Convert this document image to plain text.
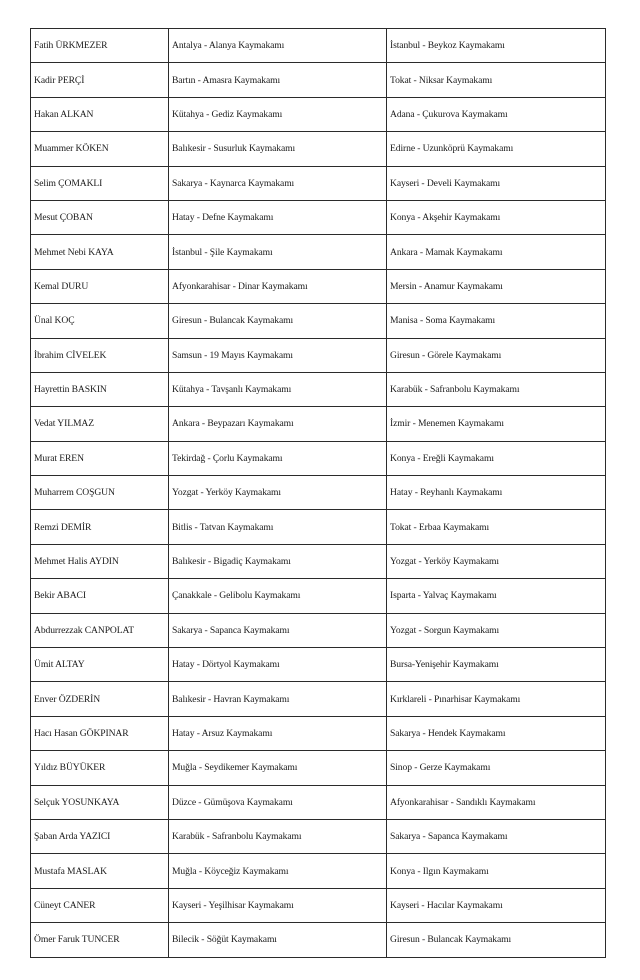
Fatih ÜRKMEZER	Antalya - Alanya Kaymakamı	İstanbul - Beykoz Kaymakamı
Kadir PERÇİ	Bartın - Amasra Kaymakamı	Tokat - Niksar Kaymakamı
Hakan ALKAN	Kütahya - Gediz Kaymakamı	Adana - Çukurova Kaymakamı
Muammer KÖKEN	Balıkesir - Susurluk Kaymakamı	Edirne - Uzunköprü Kaymakamı
Selim ÇOMAKLI	Sakarya - Kaynarca Kaymakamı	Kayseri - Develi Kaymakamı
Mesut ÇOBAN	Hatay - Defne Kaymakamı	Konya - Akşehir Kaymakamı
Mehmet Nebi KAYA	İstanbul - Şile Kaymakamı	Ankara - Mamak Kaymakamı
Kemal DURU	Afyonkarahisar - Dinar Kaymakamı	Mersin - Anamur Kaymakamı
Ünal KOÇ	Giresun - Bulancak Kaymakamı	Manisa - Soma Kaymakamı
İbrahim CİVELEK	Samsun - 19 Mayıs Kaymakamı	Giresun - Görele Kaymakamı
Hayrettin BASKIN	Kütahya - Tavşanlı Kaymakamı	Karabük - Safranbolu Kaymakamı
Vedat YILMAZ	Ankara - Beypazarı Kaymakamı	İzmir - Menemen Kaymakamı
Murat EREN	Tekirdağ - Çorlu Kaymakamı	Konya - Ereğli Kaymakamı
Muharrem COŞGUN	Yozgat - Yerköy Kaymakamı	Hatay - Reyhanlı Kaymakamı
Remzi DEMİR	Bitlis - Tatvan Kaymakamı	Tokat - Erbaa Kaymakamı
Mehmet Halis AYDIN	Balıkesir - Bigadiç Kaymakamı	Yozgat - Yerköy Kaymakamı
Bekir ABACI	Çanakkale - Gelibolu Kaymakamı	Isparta - Yalvaç Kaymakamı
Abdurrezzak CANPOLAT	Sakarya - Sapanca Kaymakamı	Yozgat - Sorgun Kaymakamı
Ümit ALTAY	Hatay - Dörtyol Kaymakamı	Bursa-Yenişehir Kaymakamı
Enver ÖZDERİN	Balıkesir - Havran Kaymakamı	Kırklareli - Pınarhisar Kaymakamı
Hacı Hasan GÖKPINAR	Hatay - Arsuz Kaymakamı	Sakarya - Hendek Kaymakamı
Yıldız BÜYÜKER	Muğla - Seydikemer Kaymakamı	Sinop - Gerze Kaymakamı
Selçuk YOSUNKAYA	Düzce - Gümüşova Kaymakamı	Afyonkarahisar - Sandıklı Kaymakamı
Şaban Arda YAZICI	Karabük - Safranbolu Kaymakamı	Sakarya - Sapanca Kaymakamı
Mustafa MASLAK	Muğla - Köyceğiz Kaymakamı	Konya - Ilgın Kaymakamı
Cüneyt CANER	Kayseri - Yeşilhisar Kaymakamı	Kayseri - Hacılar Kaymakamı
Ömer Faruk TUNCER	Bilecik - Söğüt Kaymakamı	Giresun - Bulancak Kaymakamı
